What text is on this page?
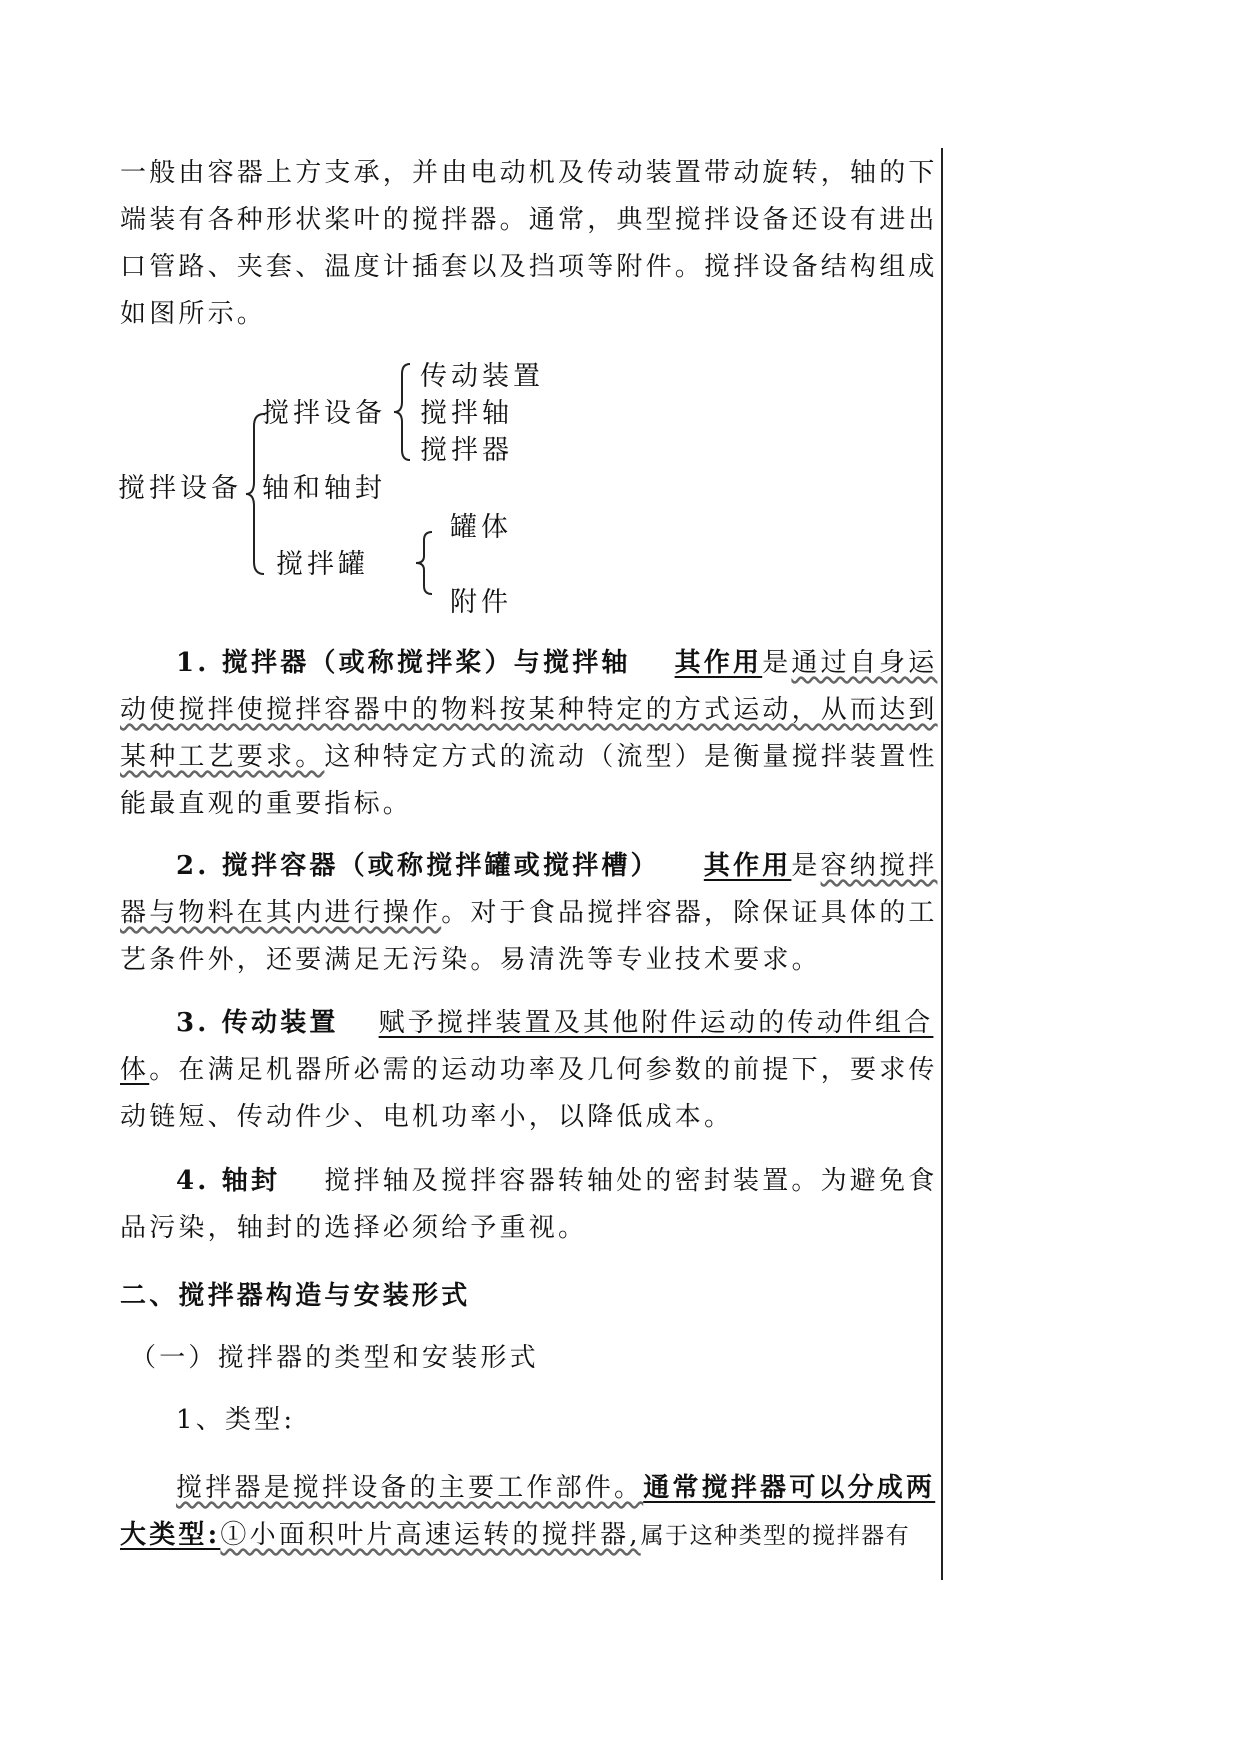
一般由容器上方支承，并由电动机及传动装置带动旋转，轴的下
端装有各种形状桨叶的搅拌器。通常，典型搅拌设备还设有进出
口管路、夹套、温度计插套以及挡项等附件。搅拌设备结构组成
如图所示。
搅拌设备
搅拌设备
传动装置
搅拌轴
搅拌器
轴和轴封
搅拌罐
罐体
附件
1. 搅拌器（或称搅拌桨）与搅拌轴 其作用是通过自身运
动使搅拌使搅拌容器中的物料按某种特定的方式运动，从而达到
某种工艺要求。这种特定方式的流动（流型）是衡量搅拌装置性
能最直观的重要指标。
2. 搅拌容器（或称搅拌罐或搅拌槽） 其作用是容纳搅拌
器与物料在其内进行操作。对于食品搅拌容器，除保证具体的工
艺条件外，还要满足无污染。易清洗等专业技术要求。
3. 传动装置 赋予搅拌装置及其他附件运动的传动件组合
体。在满足机器所必需的运动功率及几何参数的前提下，要求传
动链短、传动件少、电机功率小，以降低成本。
4. 轴封 搅拌轴及搅拌容器转轴处的密封装置。为避免食
品污染，轴封的选择必须给予重视。
二、搅拌器构造与安装形式
（一）搅拌器的类型和安装形式
1、类型:
搅拌器是搅拌设备的主要工作部件。通常搅拌器可以分成两
大类型:①小面积叶片高速运转的搅拌器,属于这种类型的搅拌器有
